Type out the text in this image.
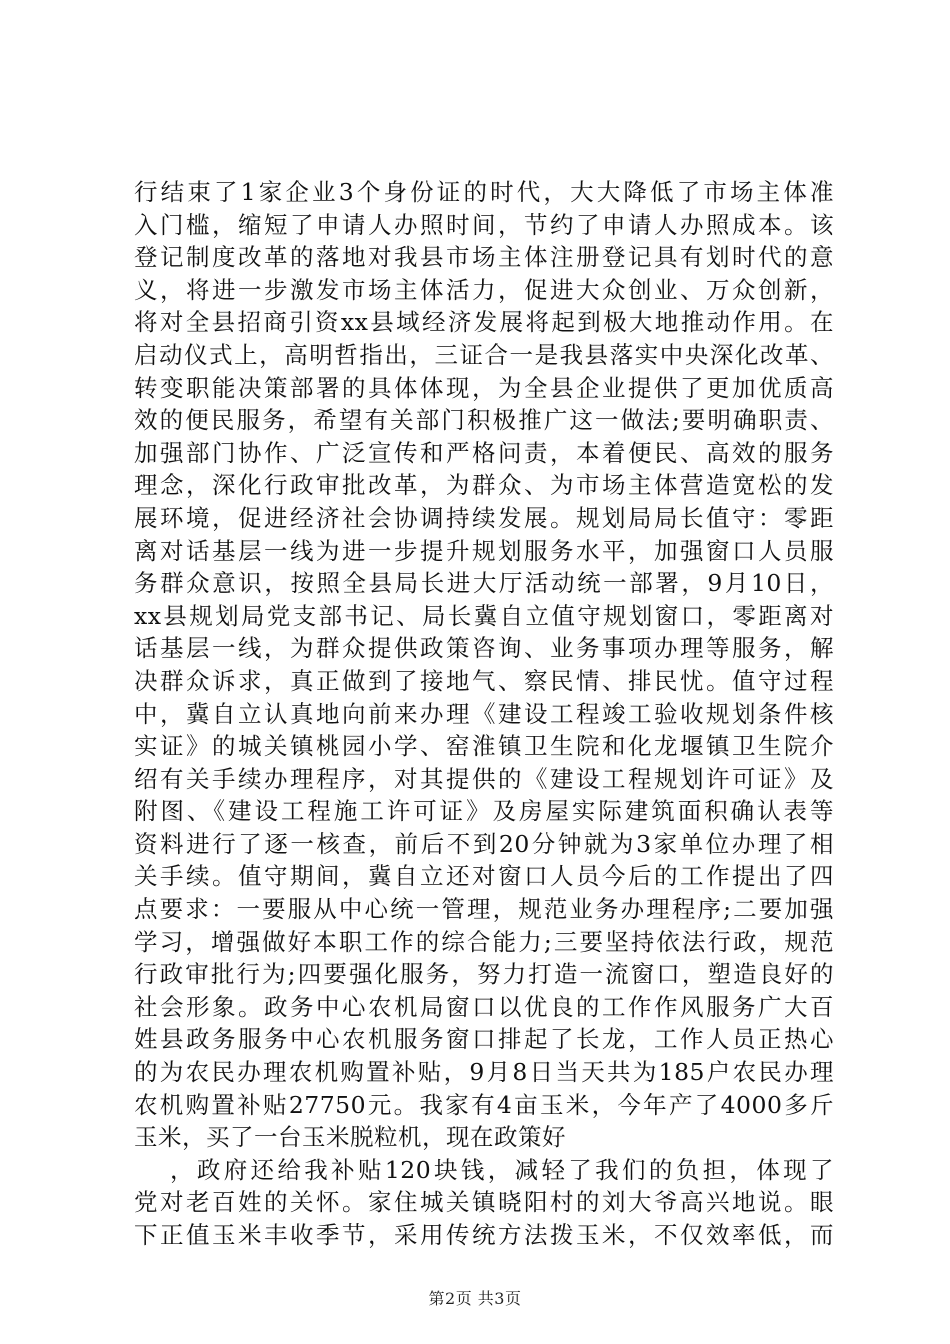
行结束了1家企业3个身份证的时代，大大降低了市场主体准
入门槛，缩短了申请人办照时间，节约了申请人办照成本。该
登记制度改革的落地对我县市场主体注册登记具有划时代的意
义，将进一步激发市场主体活力，促进大众创业、万众创新，
将对全县招商引资xx县域经济发展将起到极大地推动作用。在
启动仪式上，高明哲指出，三证合一是我县落实中央深化改革、
转变职能决策部署的具体体现，为全县企业提供了更加优质高
效的便民服务，希望有关部门积极推广这一做法;要明确职责、
加强部门协作、广泛宣传和严格问责，本着便民、高效的服务
理念，深化行政审批改革，为群众、为市场主体营造宽松的发
展环境，促进经济社会协调持续发展。规划局局长值守：零距
离对话基层一线为进一步提升规划服务水平，加强窗口人员服
务群众意识，按照全县局长进大厅活动统一部署，9月10日，
xx县规划局党支部书记、局长冀自立值守规划窗口，零距离对
话基层一线，为群众提供政策咨询、业务事项办理等服务，解
决群众诉求，真正做到了接地气、察民情、排民忧。值守过程
中，冀自立认真地向前来办理《建设工程竣工验收规划条件核
实证》的城关镇桃园小学、窑淮镇卫生院和化龙堰镇卫生院介
绍有关手续办理程序，对其提供的《建设工程规划许可证》及
附图、《建设工程施工许可证》及房屋实际建筑面积确认表等
资料进行了逐一核查，前后不到20分钟就为3家单位办理了相
关手续。值守期间，冀自立还对窗口人员今后的工作提出了四
点要求：一要服从中心统一管理，规范业务办理程序;二要加强
学习，增强做好本职工作的综合能力;三要坚持依法行政，规范
行政审批行为;四要强化服务，努力打造一流窗口，塑造良好的
社会形象。政务中心农机局窗口以优良的工作作风服务广大百
姓县政务服务中心农机服务窗口排起了长龙，工作人员正热心
的为农民办理农机购置补贴，9月8日当天共为185户农民办理
农机购置补贴27750元。我家有4亩玉米，今年产了4000多斤
玉米，买了一台玉米脱粒机，现在政策好
，政府还给我补贴120块钱，减轻了我们的负担，体现了
党对老百姓的关怀。家住城关镇晓阳村的刘大爷高兴地说。眼
下正值玉米丰收季节，采用传统方法拨玉米，不仅效率低，而
第2页 共3页
